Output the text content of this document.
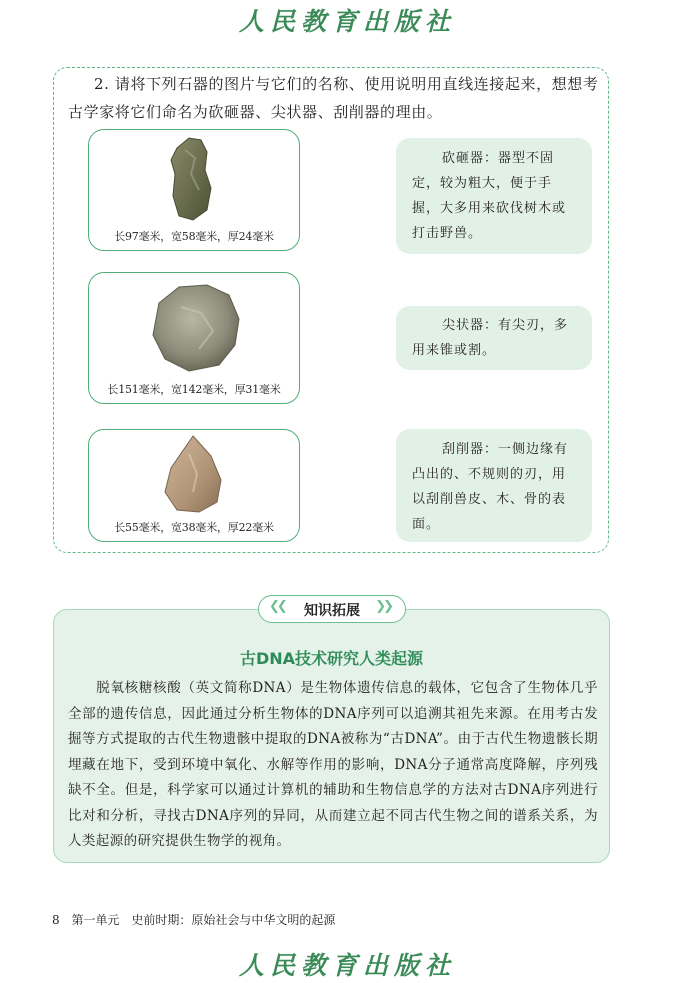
人民教育出版社
2. 请将下列石器的图片与它们的名称、使用说明用直线连接起来，想想考古学家将它们命名为砍砸器、尖状器、刮削器的理由。
长97毫米，宽58毫米，厚24毫米
长151毫米，宽142毫米，厚31毫米
长55毫米，宽38毫米，厚22毫米
砍砸器：器型不固定，较为粗大，便于手握，大多用来砍伐树木或打击野兽。
尖状器：有尖刃，多用来锥或割。
刮削器：一侧边缘有凸出的、不规则的刃，用以刮削兽皮、木、骨的表面。
❮❮	知识拓展	❯❯
古DNA技术研究人类起源
脱氧核糖核酸（英文简称DNA）是生物体遗传信息的载体，它包含了生物体几乎全部的遗传信息，因此通过分析生物体的DNA序列可以追溯其祖先来源。在用考古发掘等方式提取的古代生物遗骸中提取的DNA被称为“古DNA”。由于古代生物遗骸长期埋藏在地下，受到环境中氧化、水解等作用的影响，DNA分子通常高度降解，序列残缺不全。但是，科学家可以通过计算机的辅助和生物信息学的方法对古DNA序列进行比对和分析，寻找古DNA序列的异同，从而建立起不同古代生物之间的谱系关系，为人类起源的研究提供生物学的视角。
8 第一单元 史前时期：原始社会与中华文明的起源
人民教育出版社
